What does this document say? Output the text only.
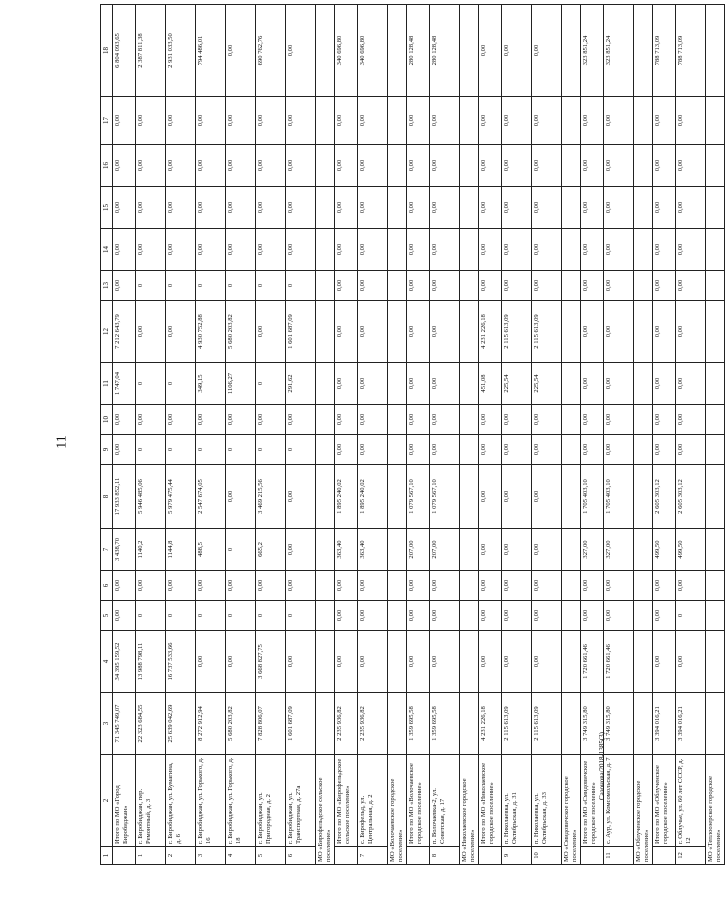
11
Сазонова/2018-1385(3)
1	2	3	4	5	6	7	8	9	10	11	12	13	14	15	16	17	18
	Итого по МО «Город Биробиджан»	71 345 749,07	34 395 159,52	0,00	0,00	3 438,70	17 933 852,11	0,00	0,00	1 747,04	7 212 643,79	0,00	0,00	0,00	0,00	0,00	6 804 093,65
1	г. Биробиджан, пер. Ремонтный, д. 3	22 323 684,55	13 988 798,11	0	0,00	1140,2	5 946 485,06	0	0,00	0	0,00	0	0,00	0,00	0,00	0,00	2 387 811,38
2	г. Биробиджан, ул. Бумагина, д. 6	25 639 042,69	16 737 533,66	0	0,00	1144,8	5 979 475,44	0	0,00	0	0,00	0	0,00	0,00	0,00	0,00	2 931 033,50
3	г. Биробиджан, ул. Горького, д. 16	8 272 912,94	0,00	0	0,00	488,5	2 547 674,05	0	0,00	349,15	4 930 752,88	0	0,00	0,00	0,00	0,00	794 486,01
4	г. Биробиджан, ул. Горького, д. 18	5 680 203,82	0,00	0	0,00	0	0,00	0	0,00	1106,27	5 680 203,82	0	0,00	0,00	0,00	0,00	0,00
5	г. Биробиджан, ул. Пригородная, д. 2	7 828 806,07	3 668 827,75	0	0,00	665,2	3 469 215,56	0	0,00	0	0,00	0	0,00	0,00	0,00	0,00	690 762,76
6	г. Биробиджан, ул. Транспортная, д. 27а	1 601 687,09	0,00	0	0,00	0,00	0,00	0	0,00	291,62	1 601 687,09	0	0,00	0,00	0,00	0,00	0,00
МО «Бирофельдское сельское поселение»																	
	Итого по МО «Бирофельдское сельское поселение»	2 235 936,82	0,00	0,00	0,00	363,40	1 895 240,02	0,00	0,00	0,00	0,00	0,00	0,00	0,00	0,00	0,00	340 696,80
7	с. Бирофельд, ул. Центральная, д. 2	2 235 936,82	0,00	0,00	0,00	363,40	1 895 240,02	0,00	0,00	0,00	0,00	0,00	0,00	0,00	0,00	0,00	340 696,80
МО «Волочаевское городское поселение»																	
	Итого по МО «Волочаевское городское поселение»	1 359 695,58	0,00	0,00	0,00	207,00	1 079 567,10	0,00	0,00	0,00	0,00	0,00	0,00	0,00	0,00	0,00	280 128,48
8	п. Волочаевка-2, ул. Советская, д. 17	1 359 695,58	0,00	0,00	0,00	207,00	1 079 567,10	0,00	0,00	0,00	0,00	0,00	0,00	0,00	0,00	0,00	280 128,48
МО «Николаевское городское поселение»																	
	Итого по МО «Николаевское городское поселение»	4 231 226,18	0,00	0,00	0,00	0,00	0,00	0,00	0,00	451,08	4 231 226,18	0,00	0,00	0,00	0,00	0,00	0,00
9	п. Николаевка, ул. Октябрьская, д. 31	2 115 613,09	0,00	0,00	0,00	0,00	0,00	0,00	0,00	225,54	2 115 613,09	0,00	0,00	0,00	0,00	0,00	0,00
10	п. Николаевка, ул. Октябрьская, д. 33	2 115 613,09	0,00	0,00	0,00	0,00	0,00	0,00	0,00	225,54	2 115 613,09	0,00	0,00	0,00	0,00	0,00	0,00
МО «Смидовичское городское поселение»																	
	Итого по МО «Смидовичское городское поселение»	3 749 315,80	1 720 661,46	0,00	0,00	327,00	1 705 403,10	0,00	0,00	0,00	0,00	0,00	0,00	0,00	0,00	0,00	323 851,24
11	с. Аур, ул. Комсомольская, д. 7	3 749 315,80	1 720 661,46	0,00	0,00	327,00	1 705 403,10	0,00	0,00	0,00	0,00	0,00	0,00	0,00	0,00	0,00	323 851,24
МО «Облученское городское поселение»																	
	Итого по МО «Облученское городское поселение»	3 394 016,21	0,00	0,00	0,00	499,50	2 605 303,12	0,00	0,00	0,00	0,00	0,00	0,00	0,00	0,00	0,00	788 713,09
12	г. Облучье, ул. 60 лет СССР, д. 12	3 394 016,21	0,00	0	0,00	499,50	2 605 303,12	0,00	0,00	0,00	0,00	0,00	0,00	0,00	0,00	0,00	788 713,09
МО «Теплоозерское городское поселение»																	
